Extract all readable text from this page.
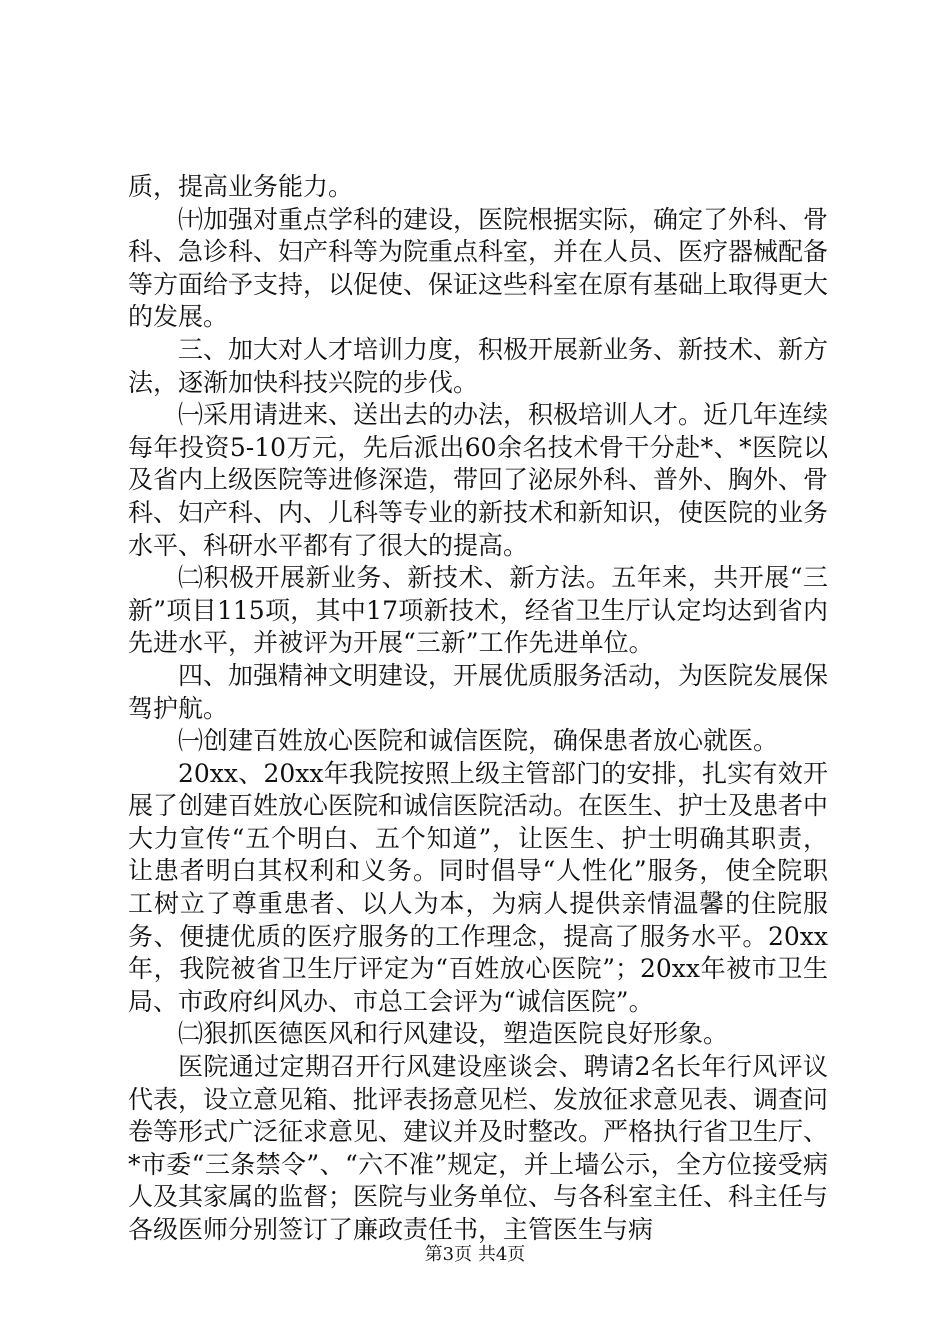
质，提高业务能力。

㈩加强对重点学科的建设，医院根据实际，确定了外科、骨科、急诊科、妇产科等为院重点科室，并在人员、医疗器械配备等方面给予支持，以促使、保证这些科室在原有基础上取得更大的发展。

三、加大对人才培训力度，积极开展新业务、新技术、新方法，逐渐加快科技兴院的步伐。

㈠采用请进来、送出去的办法，积极培训人才。近几年连续每年投资5-10万元，先后派出60余名技术骨干分赴*、*医院以及省内上级医院等进修深造，带回了泌尿外科、普外、胸外、骨科、妇产科、内、儿科等专业的新技术和新知识，使医院的业务水平、科研水平都有了很大的提高。

㈡积极开展新业务、新技术、新方法。五年来，共开展“三新”项目115项，其中17项新技术，经省卫生厅认定均达到省内先进水平，并被评为开展“三新”工作先进单位。

四、加强精神文明建设，开展优质服务活动，为医院发展保驾护航。

㈠创建百姓放心医院和诚信医院，确保患者放心就医。

20xx、20xx年我院按照上级主管部门的安排，扎实有效开展了创建百姓放心医院和诚信医院活动。在医生、护士及患者中大力宣传“五个明白、五个知道”，让医生、护士明确其职责，让患者明白其权利和义务。同时倡导“人性化”服务，使全院职工树立了尊重患者、以人为本，为病人提供亲情温馨的住院服务、便捷优质的医疗服务的工作理念，提高了服务水平。20xx年，我院被省卫生厅评定为“百姓放心医院”；20xx年被市卫生局、市政府纠风办、市总工会评为“诚信医院”。

㈡狠抓医德医风和行风建设，塑造医院良好形象。

医院通过定期召开行风建设座谈会、聘请2名长年行风评议代表，设立意见箱、批评表扬意见栏、发放征求意见表、调查问卷等形式广泛征求意见、建议并及时整改。严格执行省卫生厅、*市委“三条禁令”、“六不准”规定，并上墙公示，全方位接受病人及其家属的监督；医院与业务单位、与各科室主任、科主任与各级医师分别签订了廉政责任书，主管医生与病

第3页 共4页
